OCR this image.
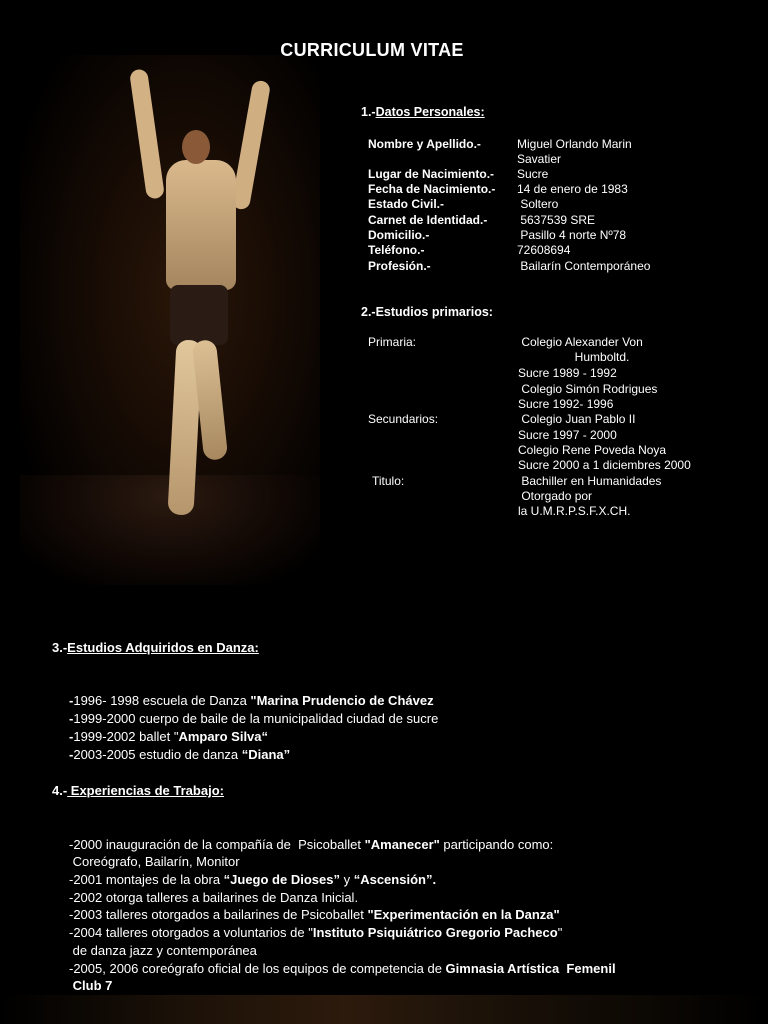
CURRICULUM VITAE
1.-Datos Personales:
Nombre y Apellido.-	Miguel Orlando Marin
Savatier
Lugar de Nacimiento.- Sucre
Fecha de Nacimiento.- 14 de enero de 1983
Estado Civil.-	Soltero
Carnet de Identidad.- 5637539 SRE
Domicilio.-	Pasillo 4 norte Nº78
Teléfono.-	72608694
Profesión.-	Bailarín Contemporáneo
2.-Estudios primarios:
Primaria:	Colegio Alexander Von
Humboltd.
Sucre 1989 - 1992
Colegio Simón Rodrigues
Sucre 1992- 1996
Secundarios:	Colegio Juan Pablo II
Sucre 1997 - 2000
Colegio Rene Poveda Noya
Sucre 2000 a 1 diciembres 2000
Titulo:	Bachiller en Humanidades
Otorgado por
la U.M.R.P.S.F.X.CH.
3.-Estudios Adquiridos en Danza:
-1996- 1998 escuela de Danza "Marina Prudencio de Chávez
-1999-2000 cuerpo de baile de la municipalidad ciudad de sucre
-1999-2002 ballet "Amparo Silva“
-2003-2005 estudio de danza “Diana”
4.- Experiencias de Trabajo:
-2000 inauguración de la compañía de  Psicoballet "Amanecer" participando como:
Coreógrafo, Bailarín, Monitor
-2001 montajes de la obra “Juego de Dioses” y “Ascensión”.
-2002 otorga talleres a bailarines de Danza Inicial.
-2003 talleres otorgados a bailarines de Psicoballet "Experimentación en la Danza"
-2004 talleres otorgados a voluntarios de "Instituto Psiquiátrico Gregorio Pacheco"
de danza jazz y contemporánea
-2005, 2006 coreógrafo oficial de los equipos de competencia de Gimnasia Artística  Femenil
Club 7
